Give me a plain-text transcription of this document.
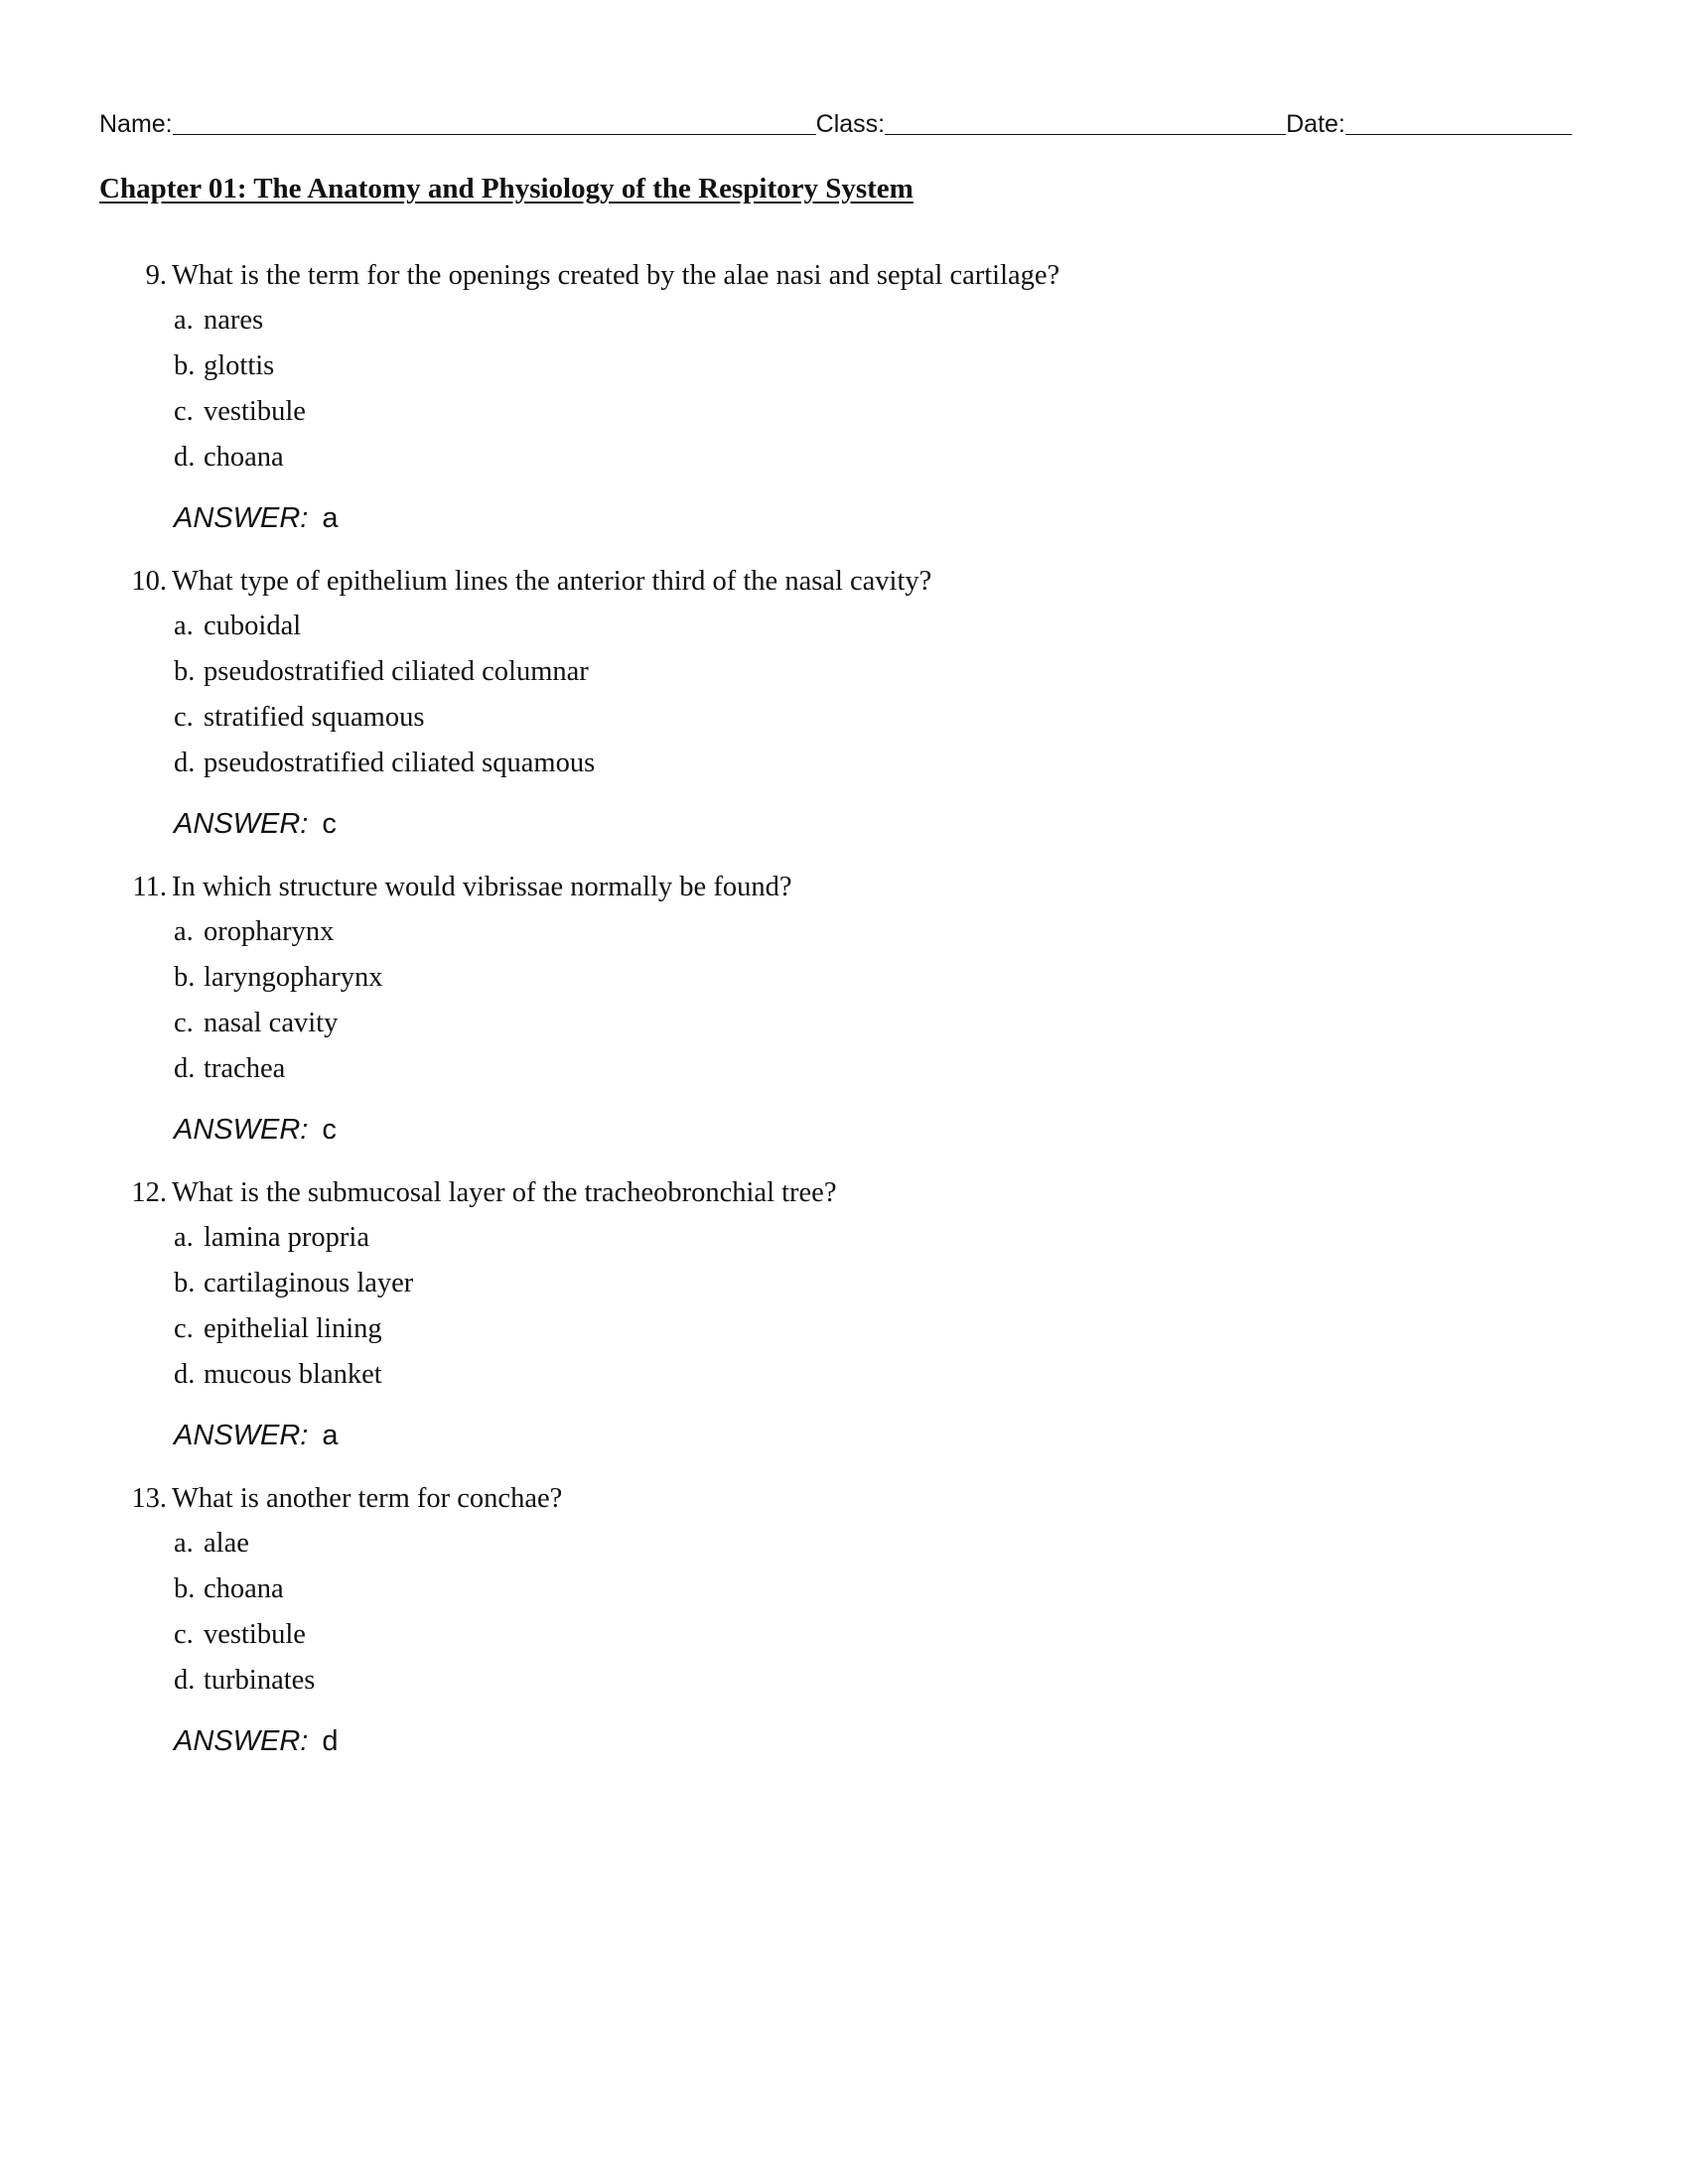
Name:	Class:	Date:
Chapter 01: The Anatomy and Physiology of the Respitory System
9. What is the term for the openings created by the alae nasi and septal cartilage?
a. nares
b. glottis
c. vestibule
d. choana
ANSWER: a
10. What type of epithelium lines the anterior third of the nasal cavity?
a. cuboidal
b. pseudostratified ciliated columnar
c. stratified squamous
d. pseudostratified ciliated squamous
ANSWER: c
11. In which structure would vibrissae normally be found?
a. oropharynx
b. laryngopharynx
c. nasal cavity
d. trachea
ANSWER: c
12. What is the submucosal layer of the tracheobronchial tree?
a. lamina propria
b. cartilaginous layer
c. epithelial lining
d. mucous blanket
ANSWER: a
13. What is another term for conchae?
a. alae
b. choana
c. vestibule
d. turbinates
ANSWER: d
